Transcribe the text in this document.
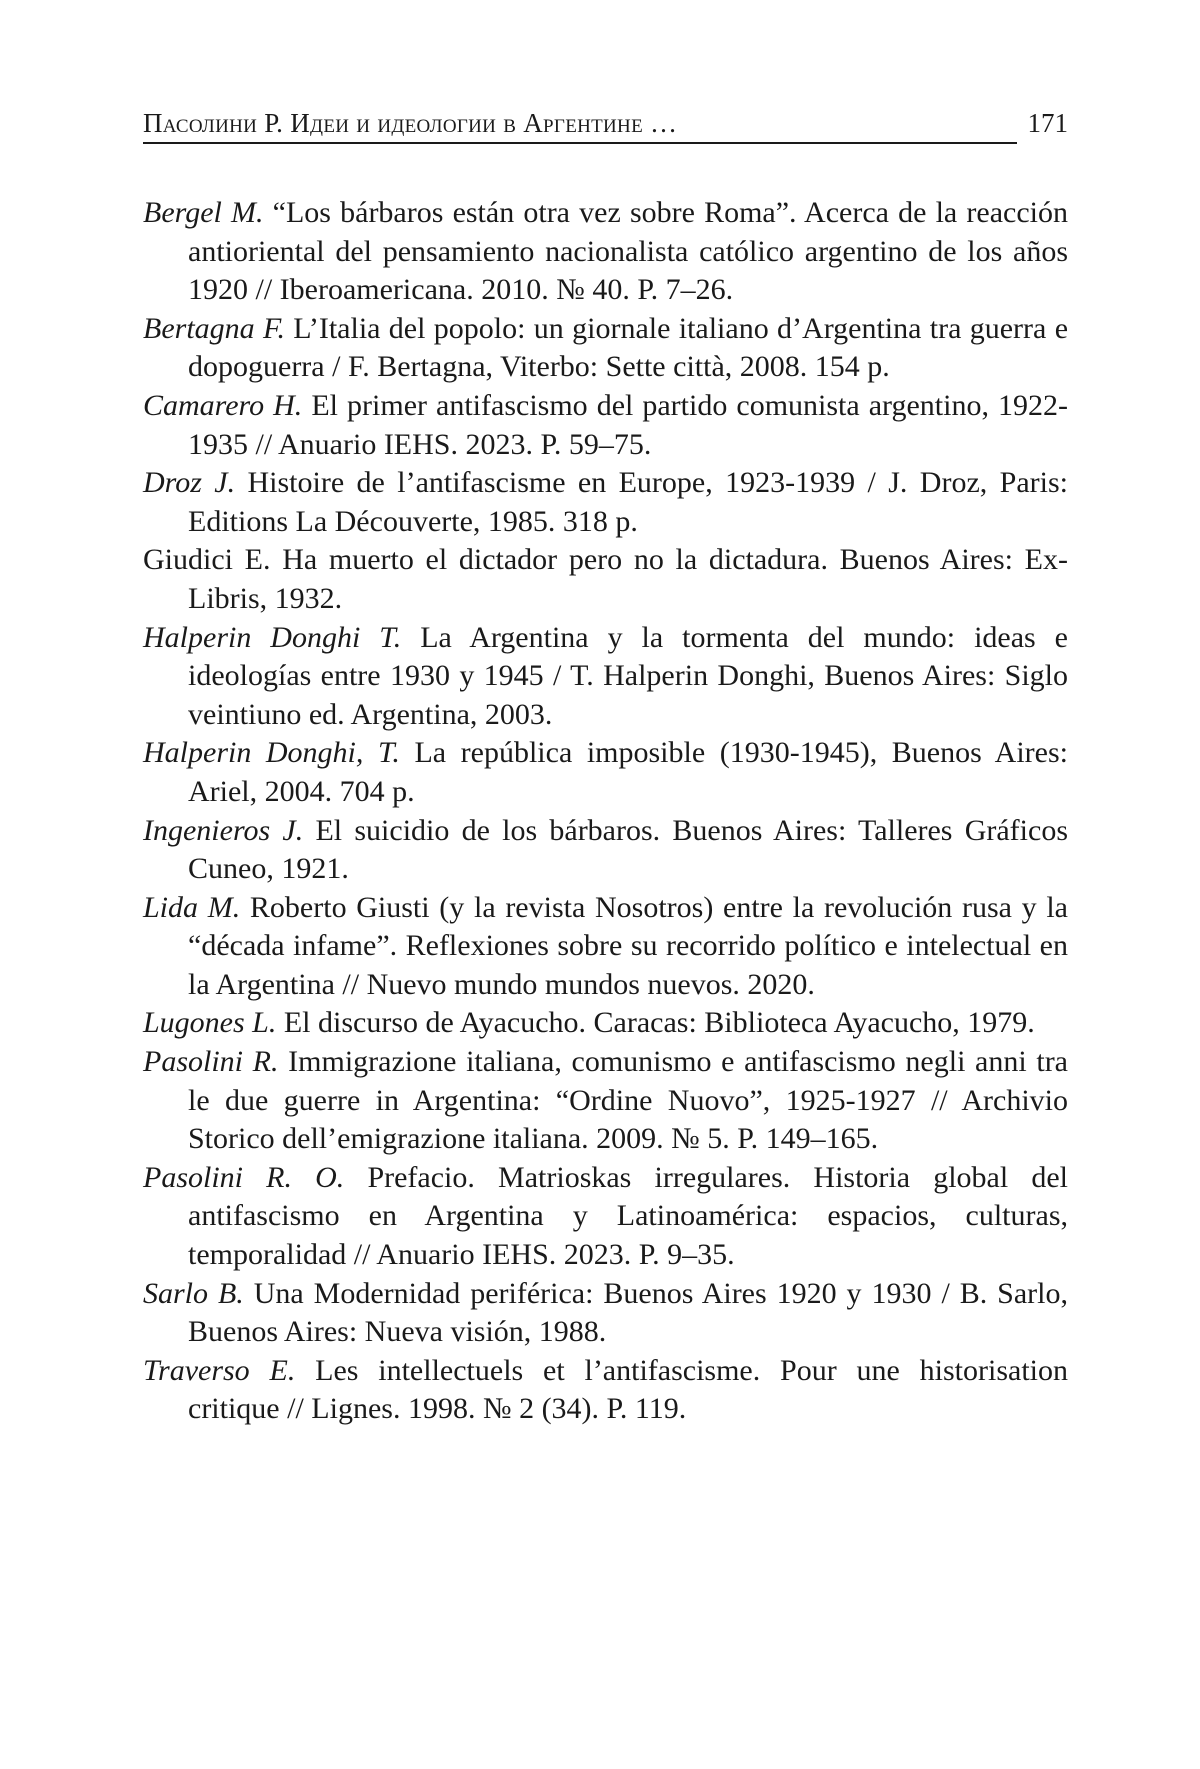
Пасолини Р. Идеи и идеологии в Аргентине …	171
Bergel M. “Los bárbaros están otra vez sobre Roma”. Acerca de la reacción antioriental del pensamiento nacionalista católico argentino de los años 1920 // Iberoamericana. 2010. № 40. P. 7–26.
Bertagna F. L’Italia del popolo: un giornale italiano d’Argentina tra guerra e dopoguerra / F. Bertagna, Viterbo: Sette città, 2008. 154 p.
Camarero H. El primer antifascismo del partido comunista argentino, 1922-1935 // Anuario IEHS. 2023. P. 59–75.
Droz J. Histoire de l’antifascisme en Europe, 1923-1939 / J. Droz, Paris: Editions La Découverte, 1985. 318 p.
Giudici E. Ha muerto el dictador pero no la dictadura. Buenos Aires: Ex-Libris, 1932.
Halperin Donghi T. La Argentina y la tormenta del mundo: ideas e ideologías entre 1930 y 1945 / T. Halperin Donghi, Buenos Aires: Siglo veintiuno ed. Argentina, 2003.
Halperin Donghi, T. La república imposible (1930-1945), Buenos Aires: Ariel, 2004. 704 p.
Ingenieros J. El suicidio de los bárbaros. Buenos Aires: Talleres Gráficos Cuneo, 1921.
Lida M. Roberto Giusti (y la revista Nosotros) entre la revolución rusa y la “década infame”. Reflexiones sobre su recorrido político e intelectual en la Argentina // Nuevo mundo mundos nuevos. 2020.
Lugones L. El discurso de Ayacucho. Caracas: Biblioteca Ayacucho, 1979.
Pasolini R. Immigrazione italiana, comunismo e antifascismo negli anni tra le due guerre in Argentina: “Ordine Nuovo”, 1925-1927 // Archivio Storico dell’emigrazione italiana. 2009. № 5. P. 149–165.
Pasolini R. O. Prefacio. Matrioskas irregulares. Historia global del antifascismo en Argentina y Latinoamérica: espacios, culturas, temporalidad // Anuario IEHS. 2023. P. 9–35.
Sarlo B. Una Modernidad periférica: Buenos Aires 1920 y 1930 / B. Sarlo, Buenos Aires: Nueva visión, 1988.
Traverso E. Les intellectuels et l’antifascisme. Pour une historisation critique // Lignes. 1998. № 2 (34). P. 119.
